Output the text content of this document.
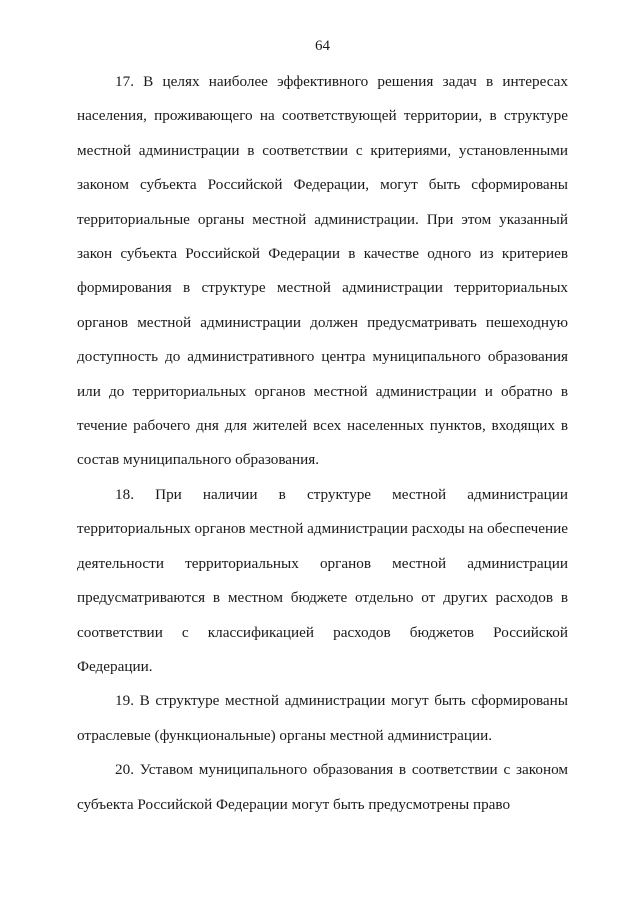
64

17. В целях наиболее эффективного решения задач в интересах населения, проживающего на соответствующей территории, в структуре местной администрации в соответствии с критериями, установленными законом субъекта Российской Федерации, могут быть сформированы территориальные органы местной администрации. При этом указанный закон субъекта Российской Федерации в качестве одного из критериев формирования в структуре местной администрации территориальных органов местной администрации должен предусматривать пешеходную доступность до административного центра муниципального образования или до территориальных органов местной администрации и обратно в течение рабочего дня для жителей всех населенных пунктов, входящих в состав муниципального образования.

18. При наличии в структуре местной администрации территориальных органов местной администрации расходы на обеспечение деятельности территориальных органов местной администрации предусматриваются в местном бюджете отдельно от других расходов в соответствии с классификацией расходов бюджетов Российской Федерации.

19. В структуре местной администрации могут быть сформированы отраслевые (функциональные) органы местной администрации.

20. Уставом муниципального образования в соответствии с законом субъекта Российской Федерации могут быть предусмотрены право
